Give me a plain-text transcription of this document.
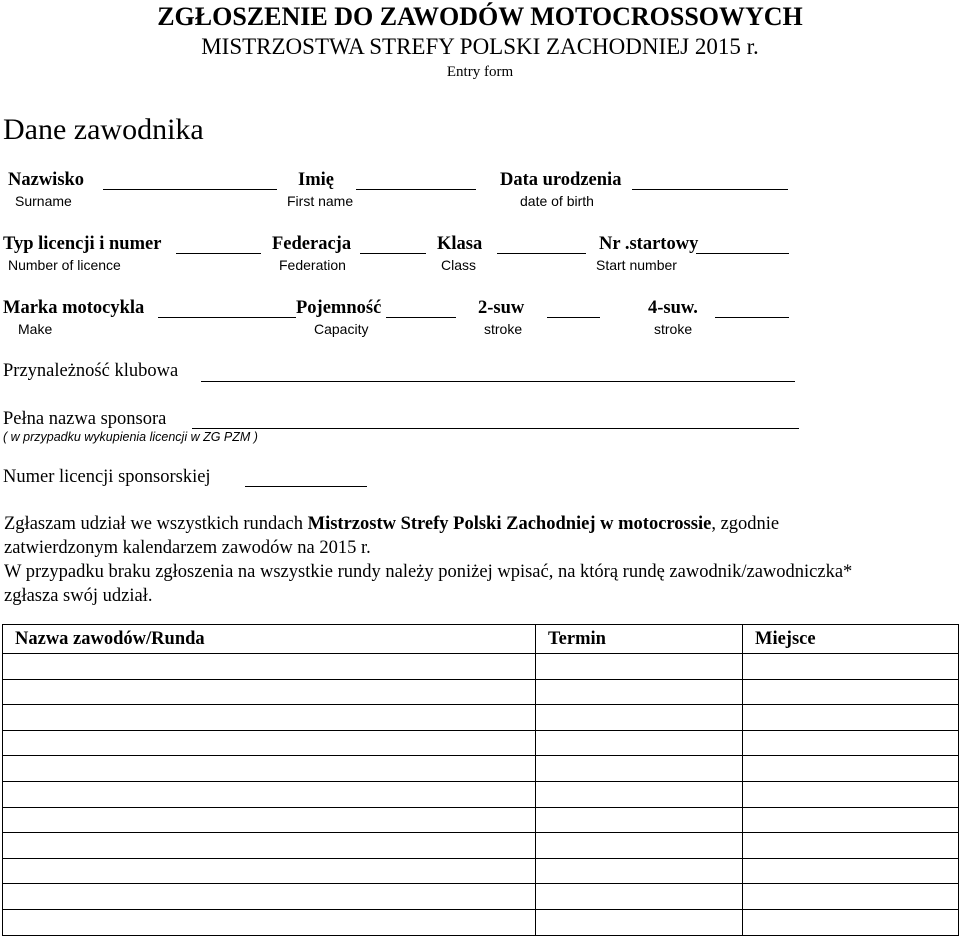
ZGŁOSZENIE DO ZAWODÓW MOTOCROSSOWYCH
MISTRZOSTWA STREFY POLSKI ZACHODNIEJ 2015 r.
Entry form
Dane zawodnika
Nazwisko
Surname
Imię
First name
Data urodzenia
date of birth
Typ licencji i numer
Number of licence
Federacja
Federation
Klasa
Class
Nr .startowy
Start number
Marka motocykla
Make
Pojemność
Capacity
2-suw
stroke
4-suw.
stroke
Przynależność klubowa
Pełna nazwa sponsora
( w przypadku wykupienia licencji w ZG PZM )
Numer licencji sponsorskiej
Zgłaszam udział we wszystkich rundach Mistrzostw Strefy Polski Zachodniej w motocrossie, zgodnie
zatwierdzonym kalendarzem zawodów na 2015 r.
W przypadku braku zgłoszenia na wszystkie rundy należy poniżej wpisać, na którą rundę zawodnik/zawodniczka*
zgłasza swój udział.
Nazwa zawodów/Runda	Termin	Miejsce
